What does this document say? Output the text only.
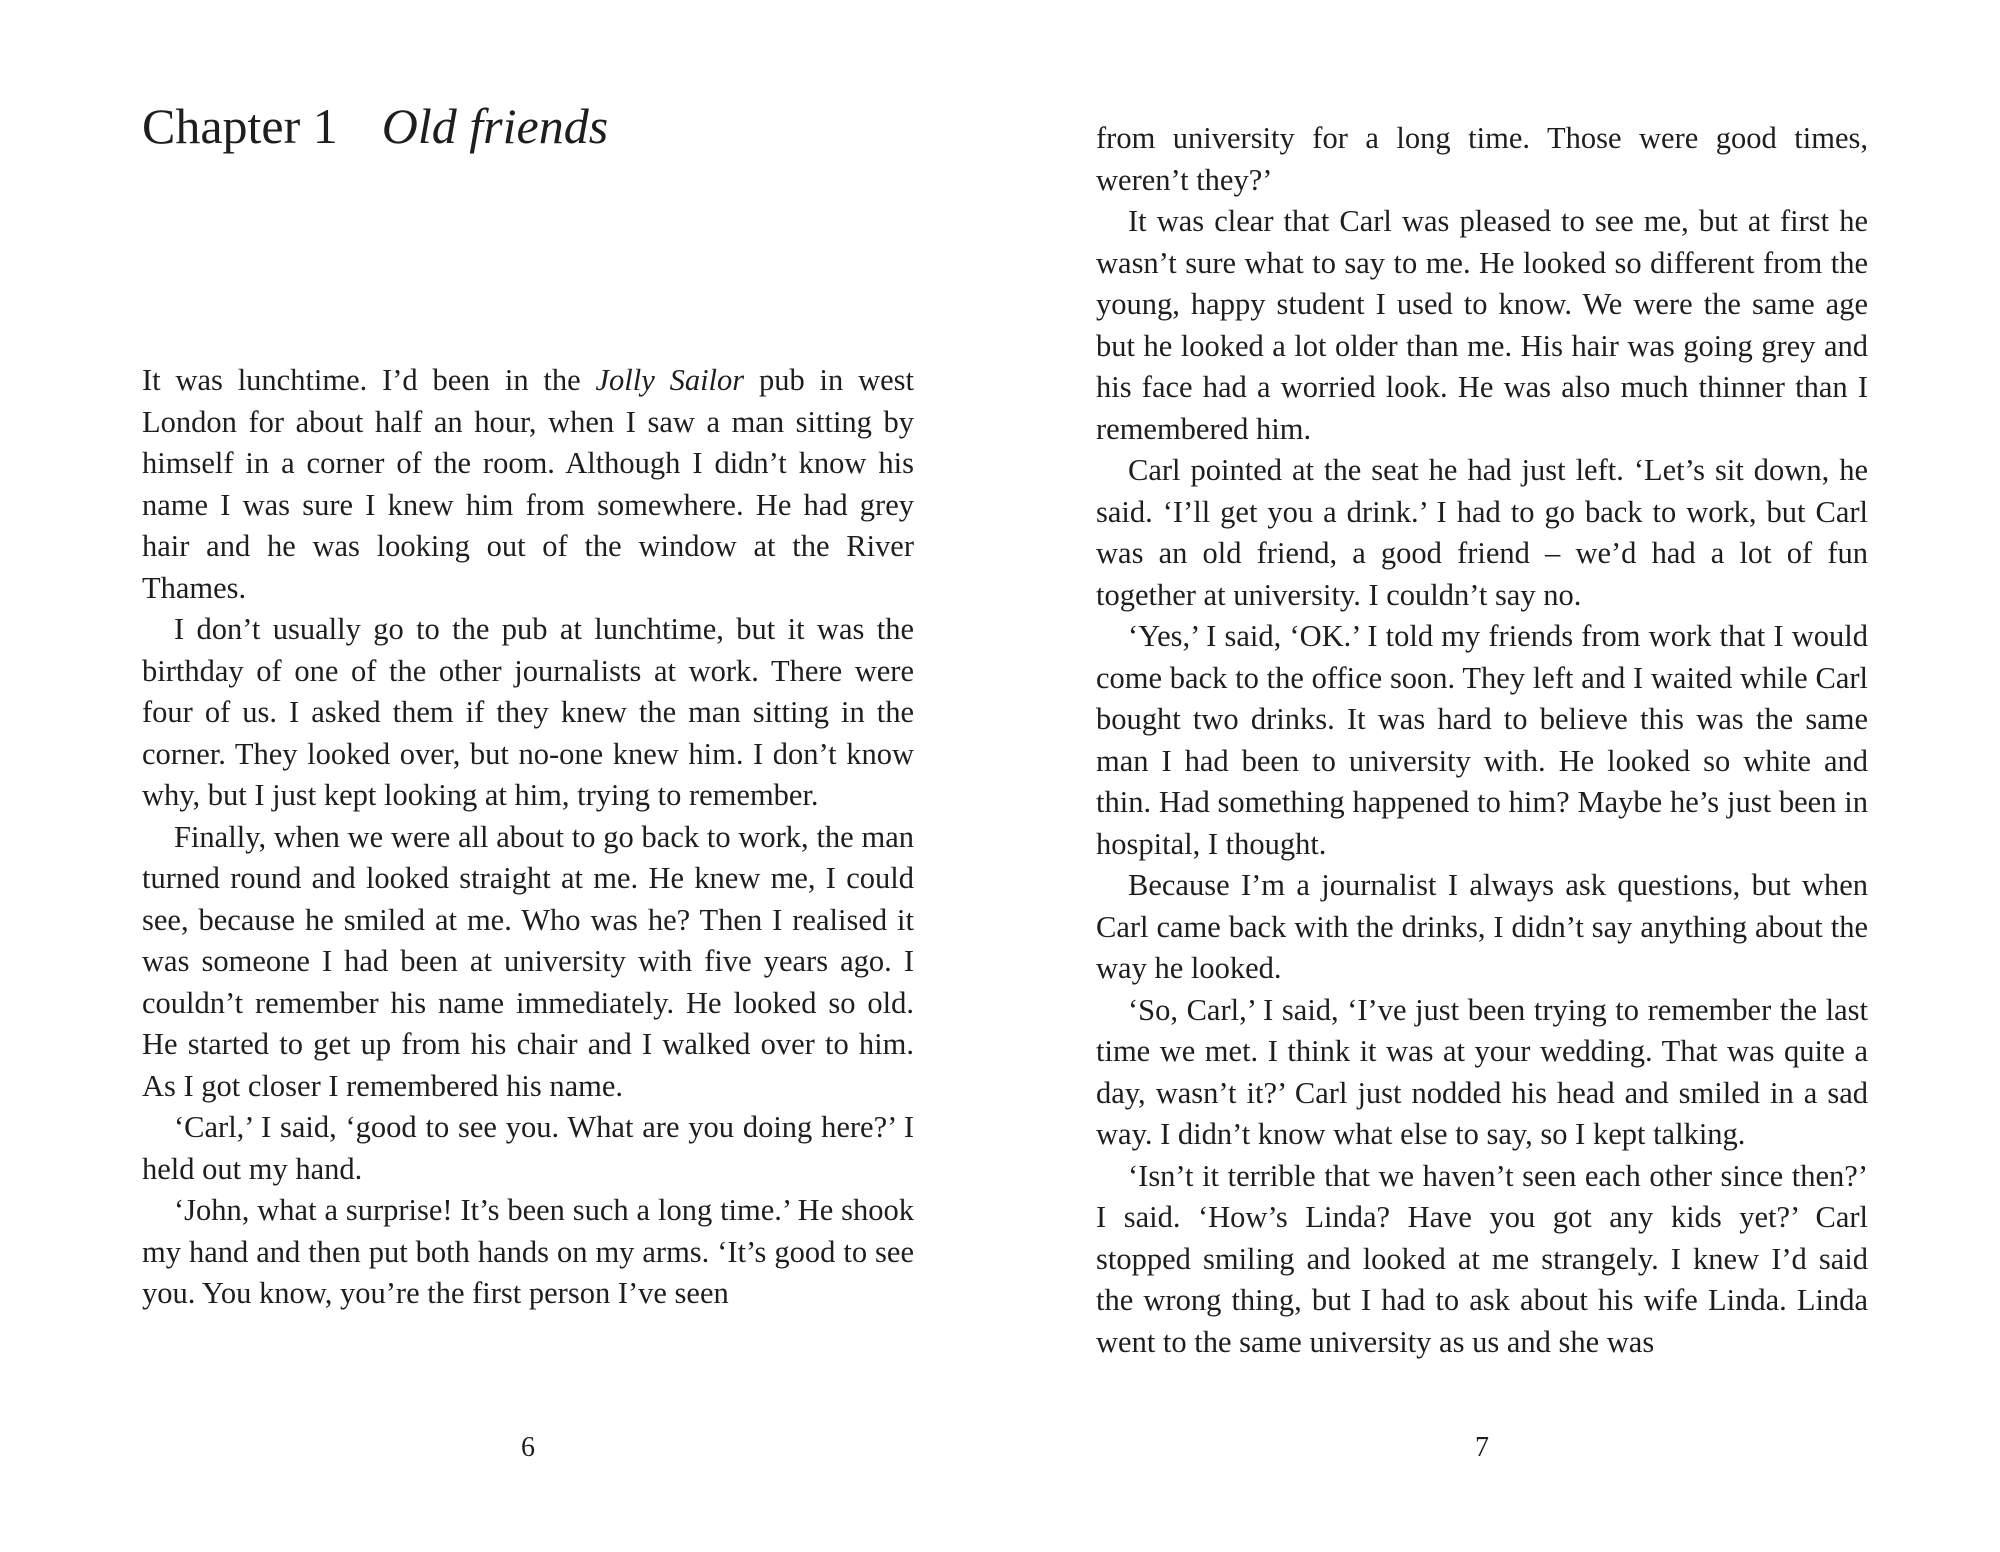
Chapter 1 Old friends

It was lunchtime. I’d been in the Jolly Sailor pub in west London for about half an hour, when I saw a man sitting by himself in a corner of the room. Although I didn’t know his name I was sure I knew him from somewhere. He had grey hair and he was looking out of the window at the River Thames.

I don’t usually go to the pub at lunchtime, but it was the birthday of one of the other journalists at work. There were four of us. I asked them if they knew the man sitting in the corner. They looked over, but no-one knew him. I don’t know why, but I just kept looking at him, trying to remember.

Finally, when we were all about to go back to work, the man turned round and looked straight at me. He knew me, I could see, because he smiled at me. Who was he? Then I realised it was someone I had been at university with five years ago. I couldn’t remember his name immediately. He looked so old. He started to get up from his chair and I walked over to him. As I got closer I remembered his name.

‘Carl,’ I said, ‘good to see you. What are you doing here?’ I held out my hand.

‘John, what a surprise! It’s been such a long time.’ He shook my hand and then put both hands on my arms. ‘It’s good to see you. You know, you’re the first person I’ve seen

6

from university for a long time. Those were good times, weren’t they?’

It was clear that Carl was pleased to see me, but at first he wasn’t sure what to say to me. He looked so different from the young, happy student I used to know. We were the same age but he looked a lot older than me. His hair was going grey and his face had a worried look. He was also much thinner than I remembered him.

Carl pointed at the seat he had just left. ‘Let’s sit down, he said. ‘I’ll get you a drink.’ I had to go back to work, but Carl was an old friend, a good friend – we’d had a lot of fun together at university. I couldn’t say no.

‘Yes,’ I said, ‘OK.’ I told my friends from work that I would come back to the office soon. They left and I waited while Carl bought two drinks. It was hard to believe this was the same man I had been to university with. He looked so white and thin. Had something happened to him? Maybe he’s just been in hospital, I thought.

Because I’m a journalist I always ask questions, but when Carl came back with the drinks, I didn’t say anything about the way he looked.

‘So, Carl,’ I said, ‘I’ve just been trying to remember the last time we met. I think it was at your wedding. That was quite a day, wasn’t it?’ Carl just nodded his head and smiled in a sad way. I didn’t know what else to say, so I kept talking.

‘Isn’t it terrible that we haven’t seen each other since then?’ I said. ‘How’s Linda? Have you got any kids yet?’ Carl stopped smiling and looked at me strangely. I knew I’d said the wrong thing, but I had to ask about his wife Linda. Linda went to the same university as us and she was

7
